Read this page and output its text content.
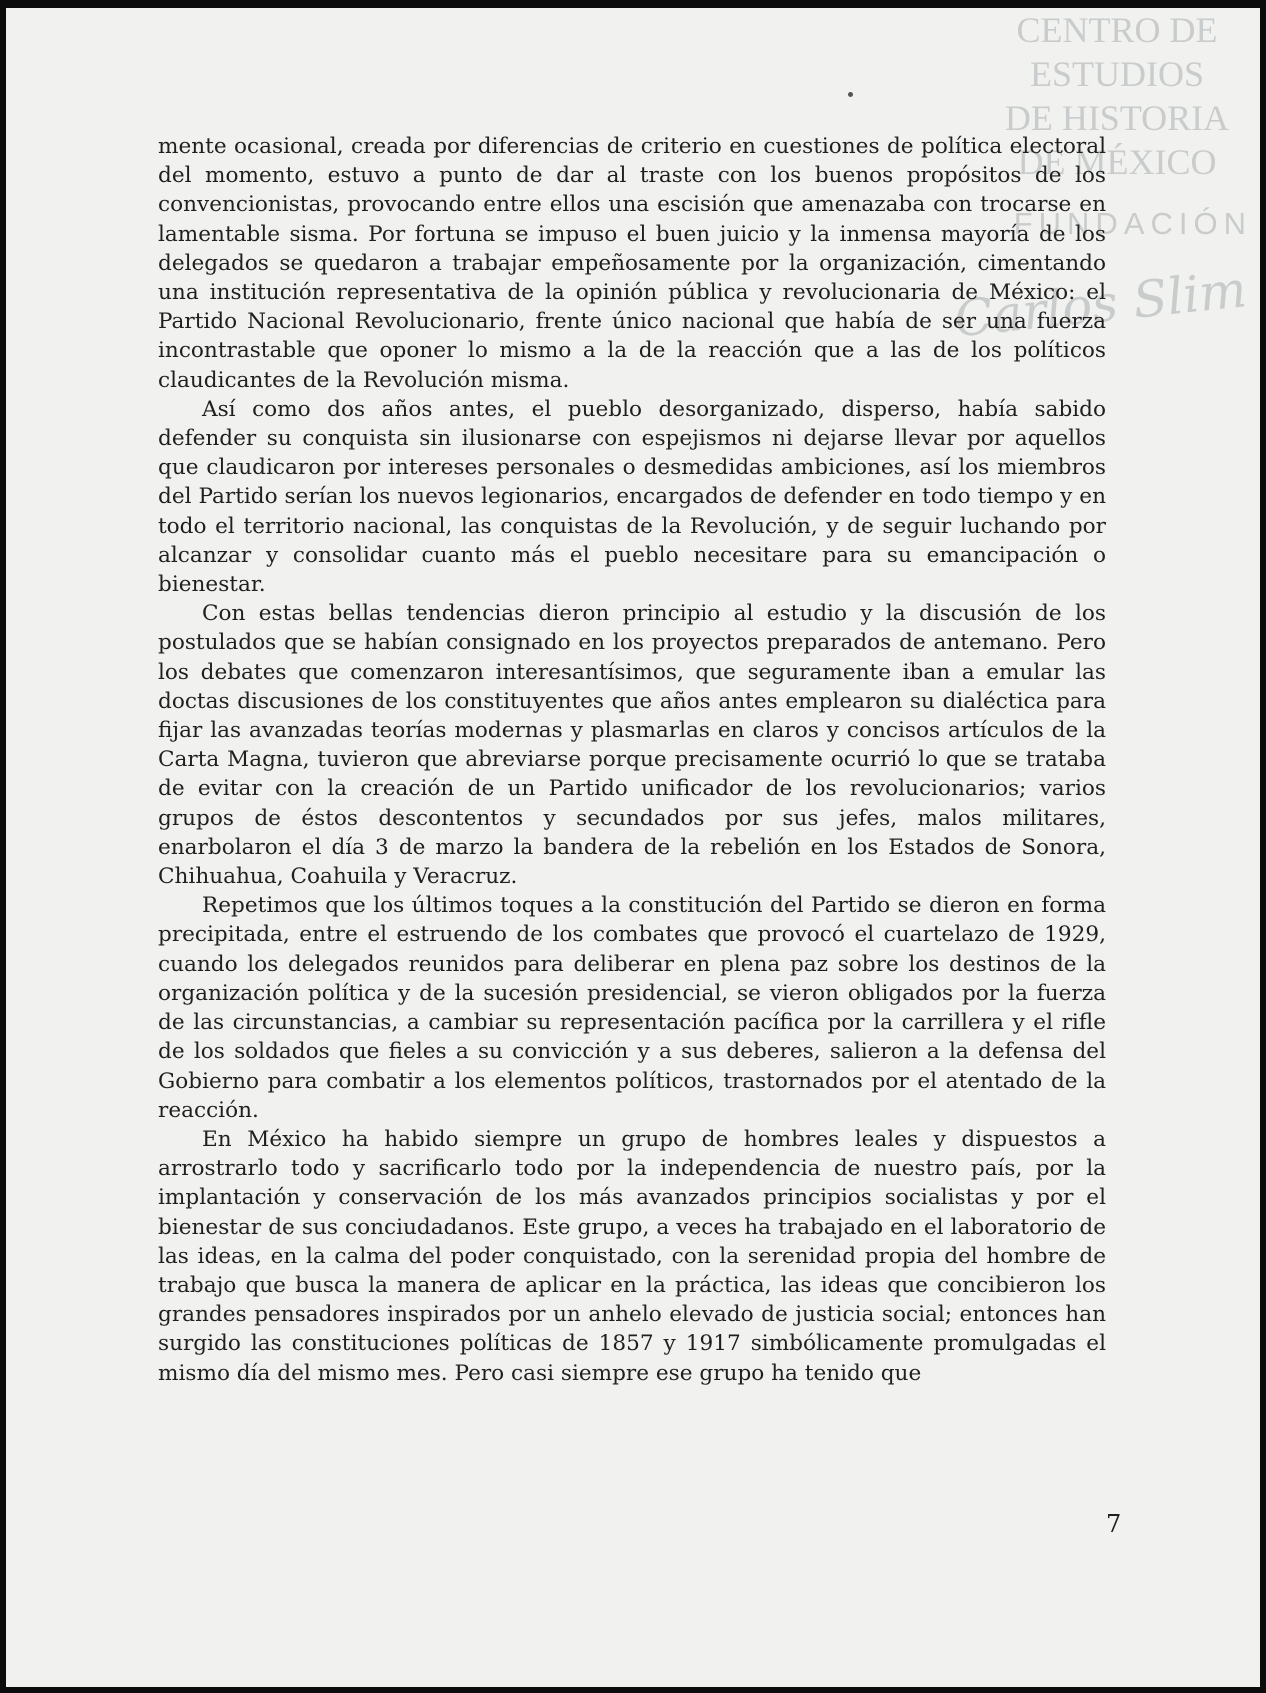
CENTRO DE
ESTUDIOS
DE HISTORIA
DE MÉXICO
FUNDACIÓN
Carlos Slim

mente ocasional, creada por diferencias de criterio en cuestiones de política electoral del momento, estuvo a punto de dar al traste con los buenos propósitos de los convencionistas, provocando entre ellos una escisión que amenazaba con trocarse en lamentable sisma. Por fortuna se impuso el buen juicio y la inmensa mayoría de los delegados se quedaron a trabajar empeñosamente por la organización, cimentando una institución representativa de la opinión pública y revolucionaria de México: el Partido Nacional Revolucionario, frente único nacional que había de ser una fuerza incontrastable que oponer lo mismo a la de la reacción que a las de los políticos claudicantes de la Revolución misma.

Así como dos años antes, el pueblo desorganizado, disperso, había sabido defender su conquista sin ilusionarse con espejismos ni dejarse llevar por aquellos que claudicaron por intereses personales o desmedidas ambiciones, así los miembros del Partido serían los nuevos legionarios, encargados de defender en todo tiempo y en todo el territorio nacional, las conquistas de la Revolución, y de seguir luchando por alcanzar y consolidar cuanto más el pueblo necesitare para su emancipación o bienestar.

Con estas bellas tendencias dieron principio al estudio y la discusión de los postulados que se habían consignado en los proyectos preparados de antemano. Pero los debates que comenzaron interesantísimos, que seguramente iban a emular las doctas discusiones de los constituyentes que años antes emplearon su dialéctica para fijar las avanzadas teorías modernas y plasmarlas en claros y concisos artículos de la Carta Magna, tuvieron que abreviarse porque precisamente ocurrió lo que se trataba de evitar con la creación de un Partido unificador de los revolucionarios; varios grupos de éstos descontentos y secundados por sus jefes, malos militares, enarbolaron el día 3 de marzo la bandera de la rebelión en los Estados de Sonora, Chihuahua, Coahuila y Veracruz.

Repetimos que los últimos toques a la constitución del Partido se dieron en forma precipitada, entre el estruendo de los combates que provocó el cuartelazo de 1929, cuando los delegados reunidos para deliberar en plena paz sobre los destinos de la organización política y de la sucesión presidencial, se vieron obligados por la fuerza de las circunstancias, a cambiar su representación pacífica por la carrillera y el rifle de los soldados que fieles a su convicción y a sus deberes, salieron a la defensa del Gobierno para combatir a los elementos políticos, trastornados por el atentado de la reacción.

En México ha habido siempre un grupo de hombres leales y dispuestos a arrostrarlo todo y sacrificarlo todo por la independencia de nuestro país, por la implantación y conservación de los más avanzados principios socialistas y por el bienestar de sus conciudadanos. Este grupo, a veces ha trabajado en el laboratorio de las ideas, en la calma del poder conquistado, con la serenidad propia del hombre de trabajo que busca la manera de aplicar en la práctica, las ideas que concibieron los grandes pensadores inspirados por un anhelo elevado de justicia social; entonces han surgido las constituciones políticas de 1857 y 1917 simbólicamente promulgadas el mismo día del mismo mes. Pero casi siempre ese grupo ha tenido que

7
